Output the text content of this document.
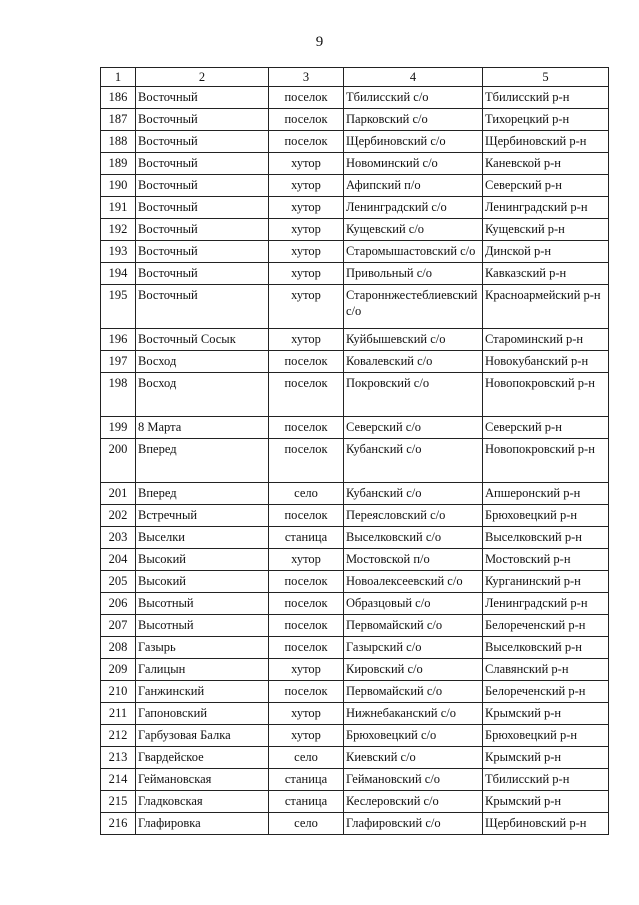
9
1	2	3	4	5
186	Восточный	поселок	Тбилисский с/о	Тбилисский р-н
187	Восточный	поселок	Парковский с/о	Тихорецкий р-н
188	Восточный	поселок	Щербиновский с/о	Щербиновский р-н
189	Восточный	хутор	Новоминский с/о	Каневской р-н
190	Восточный	хутор	Афипский п/о	Северский р-н
191	Восточный	хутор	Ленинградский с/о	Ленинградский р-н
192	Восточный	хутор	Кущевский с/о	Кущевский р-н
193	Восточный	хутор	Старомышастовский с/о	Динской р-н
194	Восточный	хутор	Привольный с/о	Кавказский р-н
195	Восточный	хутор	Староннжестеблиевский с/о	Красноармейский р-н
196	Восточный Сосык	хутор	Куйбышевский с/о	Староминский р-н
197	Восход	поселок	Ковалевский с/о	Новокубанский р-н
198	Восход	поселок	Покровский с/о	Новопокровский р-н
199	8 Марта	поселок	Северский с/о	Северский р-н
200	Вперед	поселок	Кубанский с/о	Новопокровский р-н
201	Вперед	село	Кубанский с/о	Апшеронский р-н
202	Встречный	поселок	Переясловский с/о	Брюховецкий р-н
203	Выселки	станица	Выселковский с/о	Выселковский р-н
204	Высокий	хутор	Мостовской п/о	Мостовский р-н
205	Высокий	поселок	Новоалексеевский с/о	Курганинский р-н
206	Высотный	поселок	Образцовый с/о	Ленинградский р-н
207	Высотный	поселок	Первомайский с/о	Белореченский р-н
208	Газырь	поселок	Газырский с/о	Выселковский р-н
209	Галицын	хутор	Кировский с/о	Славянский р-н
210	Ганжинский	поселок	Первомайский с/о	Белореченский р-н
211	Гапоновский	хутор	Нижнебаканский с/о	Крымский р-н
212	Гарбузовая Балка	хутор	Брюховецкий с/о	Брюховецкий р-н
213	Гвардейское	село	Киевский с/о	Крымский р-н
214	Геймановская	станица	Геймановский с/о	Тбилисский р-н
215	Гладковская	станица	Кеслеровский с/о	Крымский р-н
216	Глафировка	село	Глафировский с/о	Щербиновский р-н
